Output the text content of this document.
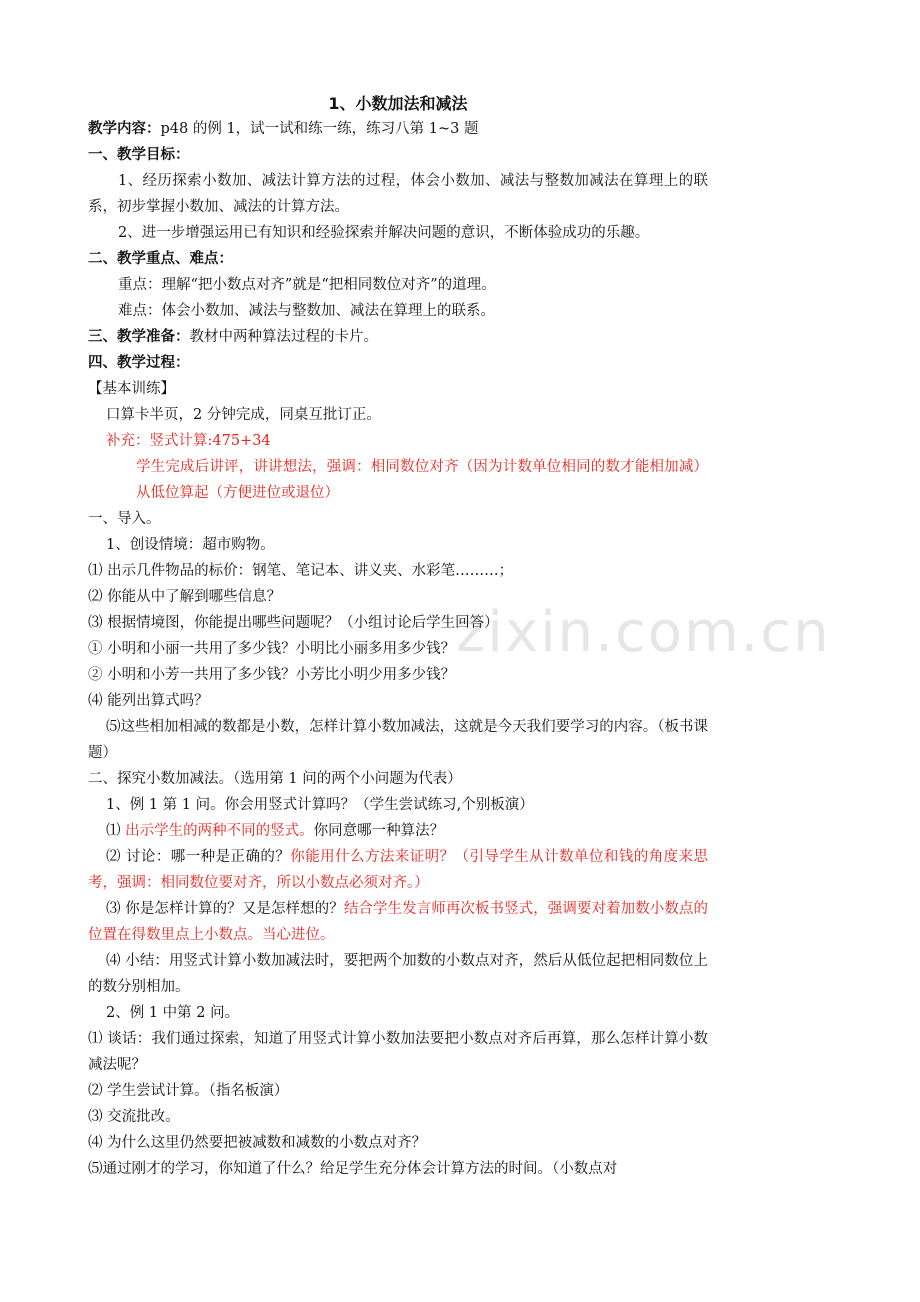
zixin.com.cn
1、小数加法和减法
教学内容：p48 的例 1，试一试和练一练，练习八第 1~3 题
一、教学目标：
1、经历探索小数加、减法计算方法的过程，体会小数加、减法与整数加减法在算理上的联系，初步掌握小数加、减法的计算方法。
2、进一步增强运用已有知识和经验探索并解决问题的意识，不断体验成功的乐趣。
二、教学重点、难点：
重点：理解“把小数点对齐”就是“把相同数位对齐”的道理。
难点：体会小数加、减法与整数加、减法在算理上的联系。
三、教学准备：教材中两种算法过程的卡片。
四、教学过程：
【基本训练】
口算卡半页，2 分钟完成，同桌互批订正。
补充：竖式计算:475+34
学生完成后讲评，讲讲想法，强调：相同数位对齐（因为计数单位相同的数才能相加减）从低位算起（方便进位或退位）
一、导入。
1、创设情境：超市购物。
⑴ 出示几件物品的标价：钢笔、笔记本、讲义夹、水彩笔………；
⑵ 你能从中了解到哪些信息？
⑶ 根据情境图，你能提出哪些问题呢？（小组讨论后学生回答）
① 小明和小丽一共用了多少钱？小明比小丽多用多少钱？
② 小明和小芳一共用了多少钱？小芳比小明少用多少钱？
⑷ 能列出算式吗？
⑸这些相加相减的数都是小数，怎样计算小数加减法，这就是今天我们要学习的内容。（板书课题）
二、探究小数加减法。（选用第 1 问的两个小问题为代表）
1、例 1 第 1 问。你会用竖式计算吗？（学生尝试练习,个别板演）
⑴ 出示学生的两种不同的竖式。你同意哪一种算法？
⑵ 讨论：哪一种是正确的？你能用什么方法来证明？（引导学生从计数单位和钱的角度来思考，强调：相同数位要对齐，所以小数点必须对齐。）
⑶ 你是怎样计算的？又是怎样想的？结合学生发言师再次板书竖式，强调要对着加数小数点的位置在得数里点上小数点。当心进位。
⑷ 小结：用竖式计算小数加减法时，要把两个加数的小数点对齐，然后从低位起把相同数位上的数分别相加。
2、例 1 中第 2 问。
⑴ 谈话：我们通过探索，知道了用竖式计算小数加法要把小数点对齐后再算，那么怎样计算小数减法呢？
⑵ 学生尝试计算。（指名板演）
⑶ 交流批改。
⑷ 为什么这里仍然要把被减数和减数的小数点对齐？
⑸通过刚才的学习，你知道了什么？给足学生充分体会计算方法的时间。（小数点对
